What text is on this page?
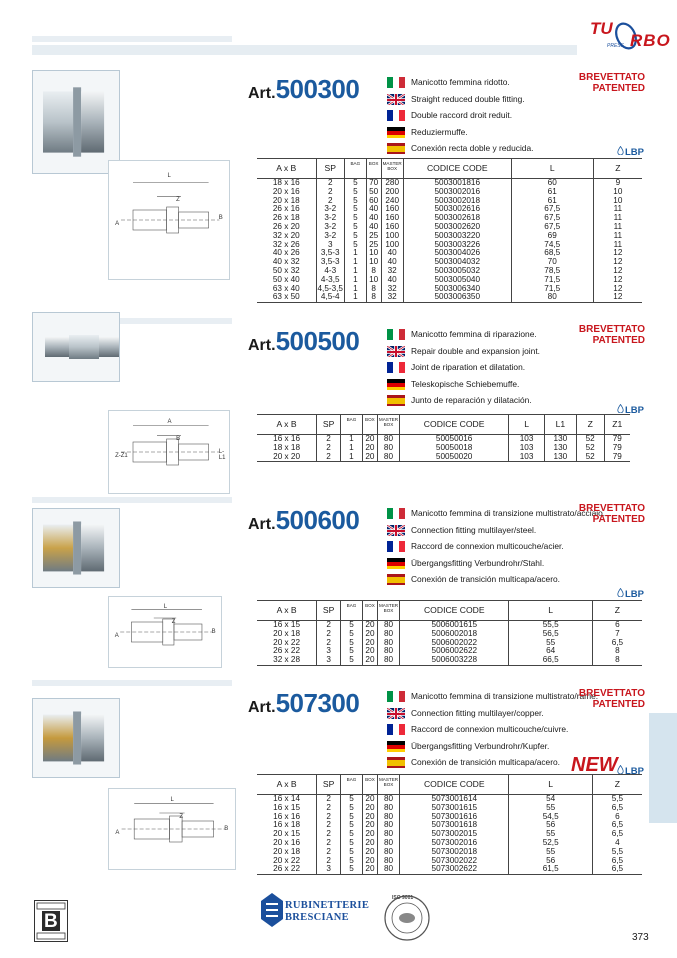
TU
RBO
PRESS
L
Z
A
B
Art.500300	Manicotto femmina ridotto.
Straight reduced double fitting.
Double raccord droit reduit.
Reduziermuffe.
Conexión recta doble y reducida.
BREVETTATO
PATENTED
LBP
A x B	SP	BAG	BOX	MASTER BOX	CODICE CODE	L	Z
18 x 16	2	5	70	280	5003001816	60	9
20 x 16	2	5	50	200	5003002016	61	10
20 x 18	2	5	60	240	5003002018	61	10
26 x 16	3-2	5	40	160	5003002616	67,5	11
26 x 18	3-2	5	40	160	5003002618	67,5	11
26 x 20	3-2	5	40	160	5003002620	67,5	11
32 x 20	3-2	5	25	100	5003003220	69	11
32 x 26	3	5	25	100	5003003226	74,5	11
40 x 26	3,5-3	1	10	40	5003004026	68,5	12
40 x 32	3,5-3	1	10	40	5003004032	70	12
50 x 32	4-3	1	8	32	5003005032	78,5	12
50 x 40	4-3,5	1	10	40	5003005040	71,5	12
63 x 40	4,5-3,5	1	8	32	5003006340	71,5	12
63 x 50	4,5-4	1	8	32	5003006350	80	12
A
B
Z-Z1
L-L1
Art.500500	Manicotto femmina di riparazione.
Repair double and expansion joint.
Joint de riparation et dilatation.
Teleskopische Schiebemuffe.
Junto de reparación y dilatación.
BREVETTATO
PATENTED
LBP
A x B	SP	BAG	BOX	MASTER BOX	CODICE CODE	L	L1	Z	Z1
16 x 16	2	1	20	80	50050016	103	130	52	79
18 x 18	2	1	20	80	50050018	103	130	52	79
20 x 20	2	1	20	80	50050020	103	130	52	79
L
Z
A
B
Art.500600	Manicotto femmina di transizione multistrato/acciaio.
Connection fitting multilayer/steel.
Raccord de connexion multicouche/acier.
Übergangsfitting Verbundrohr/Stahl.
Conexión de transición multicapa/acero.
BREVETTATO
PATENTED
LBP
A x B	SP	BAG	BOX	MASTER BOX	CODICE CODE	L	Z
16 x 15	2	5	20	80	5006001615	55,5	6
20 x 18	2	5	20	80	5006002018	56,5	7
20 x 22	2	5	20	80	5006002022	55	6,5
26 x 22	3	5	20	80	5006002622	64	8
32 x 28	3	5	20	80	5006003228	66,5	8
L
Z
A
B
Art.507300	Manicotto femmina di transizione multistrato/rame.
Connection fitting multilayer/copper.
Raccord de connexion multicouche/cuivre.
Übergangsfitting Verbundrohr/Kupfer.
Conexión de transición multicapa/acero.
BREVETTATO
PATENTED
NEW LBP
A x B	SP	BAG	BOX	MASTER BOX	CODICE CODE	L	Z
16 x 14	2	5	20	80	5073001614	54	5,5
16 x 15	2	5	20	80	5073001615	55	6,5
16 x 16	2	5	20	80	5073001616	54,5	6
16 x 18	2	5	20	80	5073001618	56	6,5
20 x 15	2	5	20	80	5073002015	55	6,5
20 x 16	2	5	20	80	5073002016	52,5	4
20 x 18	2	5	20	80	5073002018	55	5,5
20 x 22	2	5	20	80	5073002022	56	6,5
26 x 22	3	5	20	80	5073002622	61,5	6,5
B
RUBINETTERIE
BRESCIANE
ISO 9001
373
